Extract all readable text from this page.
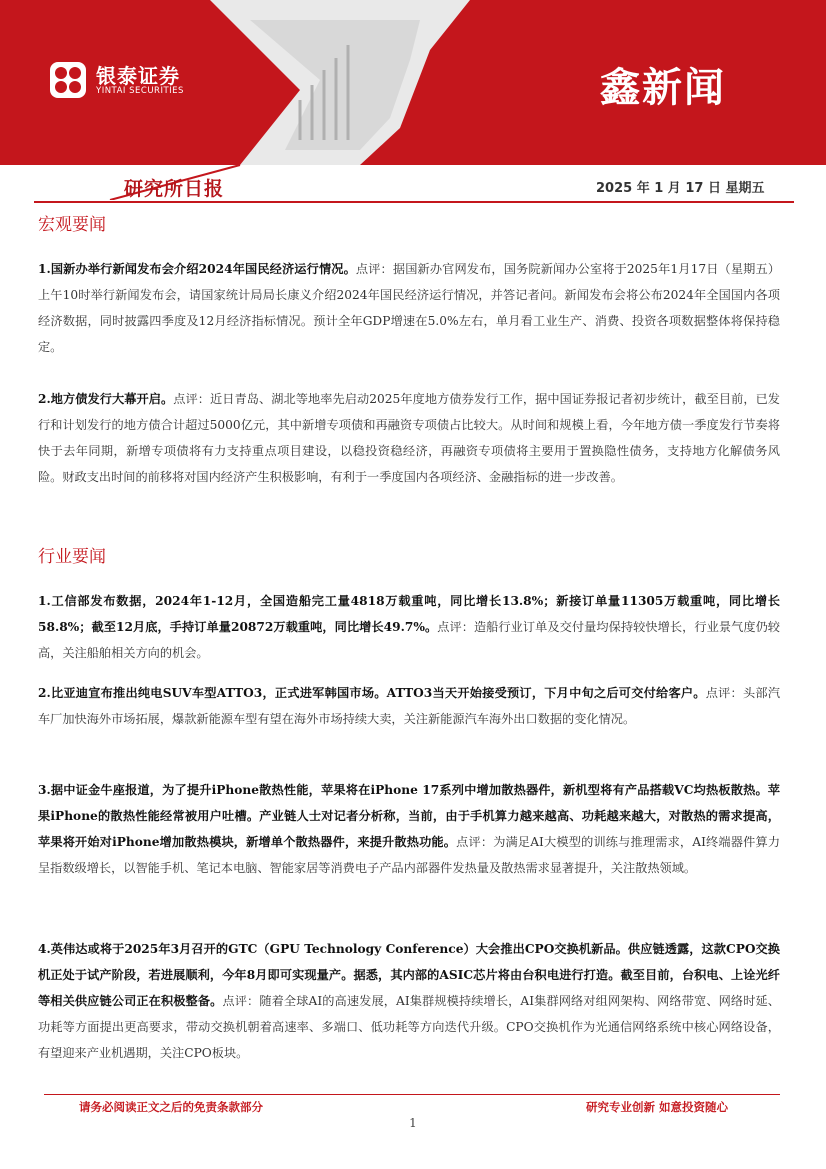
银泰证券
YINTAI SECURITIES	鑫新闻
研究所日报	2025 年 1 月 17 日 星期五
宏观要闻

1.国新办举行新闻发布会介绍2024年国民经济运行情况。点评：据国新办官网发布，国务院新闻办公室将于2025年1月17日（星期五）上午10时举行新闻发布会，请国家统计局局长康义介绍2024年国民经济运行情况，并答记者问。新闻发布会将公布2024年全国国内各项经济数据，同时披露四季度及12月经济指标情况。预计全年GDP增速在5.0%左右，单月看工业生产、消费、投资各项数据整体将保持稳定。

2.地方债发行大幕开启。点评：近日青岛、湖北等地率先启动2025年度地方债券发行工作，据中国证券报记者初步统计，截至目前，已发行和计划发行的地方债合计超过5000亿元，其中新增专项债和再融资专项债占比较大。从时间和规模上看，今年地方债一季度发行节奏将快于去年同期，新增专项债将有力支持重点项目建设，以稳投资稳经济，再融资专项债将主要用于置换隐性债务，支持地方化解债务风险。财政支出时间的前移将对国内经济产生积极影响，有利于一季度国内各项经济、金融指标的进一步改善。

行业要闻

1.工信部发布数据，2024年1-12月，全国造船完工量4818万载重吨，同比增长13.8%；新接订单量11305万载重吨，同比增长58.8%；截至12月底，手持订单量20872万载重吨，同比增长49.7%。点评：造船行业订单及交付量均保持较快增长，行业景气度仍较高，关注船舶相关方向的机会。

2.比亚迪宣布推出纯电SUV车型ATTO3，正式进军韩国市场。ATTO3当天开始接受预订，下月中旬之后可交付给客户。点评：头部汽车厂加快海外市场拓展，爆款新能源车型有望在海外市场持续大卖，关注新能源汽车海外出口数据的变化情况。

3.据中证金牛座报道，为了提升iPhone散热性能，苹果将在iPhone 17系列中增加散热器件，新机型将有产品搭载VC均热板散热。苹果iPhone的散热性能经常被用户吐槽。产业链人士对记者分析称，当前，由于手机算力越来越高、功耗越来越大，对散热的需求提高，苹果将开始对iPhone增加散热模块，新增单个散热器件，来提升散热功能。点评：为满足AI大模型的训练与推理需求，AI终端器件算力呈指数级增长，以智能手机、笔记本电脑、智能家居等消费电子产品内部器件发热量及散热需求显著提升，关注散热领域。

4.英伟达或将于2025年3月召开的GTC（GPU Technology Conference）大会推出CPO交换机新品。供应链透露，这款CPO交换机正处于试产阶段，若进展顺利，今年8月即可实现量产。据悉，其内部的ASIC芯片将由台积电进行打造。截至目前，台积电、上诠光纤等相关供应链公司正在积极整备。点评：随着全球AI的高速发展，AI集群规模持续增长，AI集群网络对组网架构、网络带宽、网络时延、功耗等方面提出更高要求，带动交换机朝着高速率、多端口、低功耗等方向迭代升级。CPO交换机作为光通信网络系统中核心网络设备，有望迎来产业机遇期，关注CPO板块。

请务必阅读正文之后的免责条款部分	研究专业创新 如意投资随心
1
